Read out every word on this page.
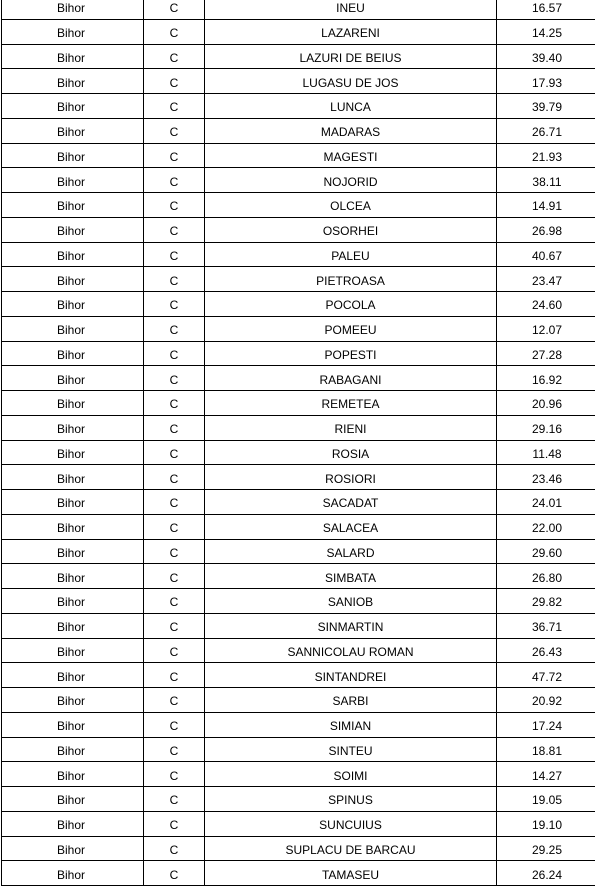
Bihor	C	INEU	16.57
Bihor	C	LAZARENI	14.25
Bihor	C	LAZURI DE BEIUS	39.40
Bihor	C	LUGASU DE JOS	17.93
Bihor	C	LUNCA	39.79
Bihor	C	MADARAS	26.71
Bihor	C	MAGESTI	21.93
Bihor	C	NOJORID	38.11
Bihor	C	OLCEA	14.91
Bihor	C	OSORHEI	26.98
Bihor	C	PALEU	40.67
Bihor	C	PIETROASA	23.47
Bihor	C	POCOLA	24.60
Bihor	C	POMEEU	12.07
Bihor	C	POPESTI	27.28
Bihor	C	RABAGANI	16.92
Bihor	C	REMETEA	20.96
Bihor	C	RIENI	29.16
Bihor	C	ROSIA	11.48
Bihor	C	ROSIORI	23.46
Bihor	C	SACADAT	24.01
Bihor	C	SALACEA	22.00
Bihor	C	SALARD	29.60
Bihor	C	SIMBATA	26.80
Bihor	C	SANIOB	29.82
Bihor	C	SINMARTIN	36.71
Bihor	C	SANNICOLAU ROMAN	26.43
Bihor	C	SINTANDREI	47.72
Bihor	C	SARBI	20.92
Bihor	C	SIMIAN	17.24
Bihor	C	SINTEU	18.81
Bihor	C	SOIMI	14.27
Bihor	C	SPINUS	19.05
Bihor	C	SUNCUIUS	19.10
Bihor	C	SUPLACU DE BARCAU	29.25
Bihor	C	TAMASEU	26.24
